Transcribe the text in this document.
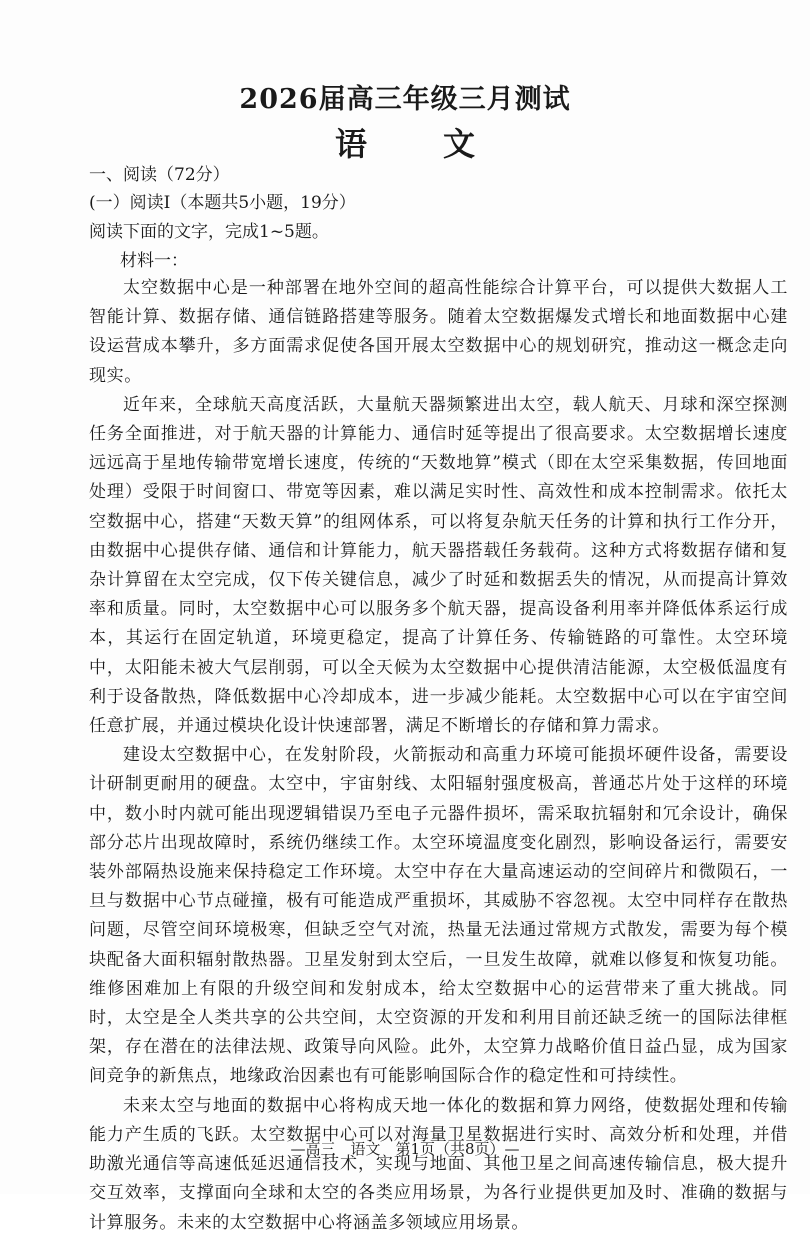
2026届高三年级三月测试
语　文
一、阅读（72分）
(一）阅读I（本题共5小题，19分）
阅读下面的文字，完成1~5题。
材料一：

太空数据中心是一种部署在地外空间的超高性能综合计算平台，可以提供大数据人工智能计算、数据存储、通信链路搭建等服务。随着太空数据爆发式增长和地面数据中心建设运营成本攀升，多方面需求促使各国开展太空数据中心的规划研究，推动这一概念走向现实。

近年来，全球航天高度活跃，大量航天器频繁进出太空，载人航天、月球和深空探测任务全面推进，对于航天器的计算能力、通信时延等提出了很高要求。太空数据增长速度远远高于星地传输带宽增长速度，传统的“天数地算”模式（即在太空采集数据，传回地面处理）受限于时间窗口、带宽等因素，难以满足实时性、高效性和成本控制需求。依托太空数据中心，搭建“天数天算”的组网体系，可以将复杂航天任务的计算和执行工作分开，由数据中心提供存储、通信和计算能力，航天器搭载任务载荷。这种方式将数据存储和复杂计算留在太空完成，仅下传关键信息，减少了时延和数据丢失的情况，从而提高计算效率和质量。同时，太空数据中心可以服务多个航天器，提高设备利用率并降低体系运行成本，其运行在固定轨道，环境更稳定，提高了计算任务、传输链路的可靠性。太空环境中，太阳能未被大气层削弱，可以全天候为太空数据中心提供清洁能源，太空极低温度有利于设备散热，降低数据中心冷却成本，进一步减少能耗。太空数据中心可以在宇宙空间任意扩展，并通过模块化设计快速部署，满足不断增长的存储和算力需求。

建设太空数据中心，在发射阶段，火箭振动和高重力环境可能损坏硬件设备，需要设计研制更耐用的硬盘。太空中，宇宙射线、太阳辐射强度极高，普通芯片处于这样的环境中，数小时内就可能出现逻辑错误乃至电子元器件损坏，需采取抗辐射和冗余设计，确保部分芯片出现故障时，系统仍继续工作。太空环境温度变化剧烈，影响设备运行，需要安装外部隔热设施来保持稳定工作环境。太空中存在大量高速运动的空间碎片和微陨石，一旦与数据中心节点碰撞，极有可能造成严重损坏，其威胁不容忽视。太空中同样存在散热问题，尽管空间环境极寒，但缺乏空气对流，热量无法通过常规方式散发，需要为每个模块配备大面积辐射散热器。卫星发射到太空后，一旦发生故障，就难以修复和恢复功能。维修困难加上有限的升级空间和发射成本，给太空数据中心的运营带来了重大挑战。同时，太空是全人类共享的公共空间，太空资源的开发和利用目前还缺乏统一的国际法律框架，存在潜在的法律法规、政策导向风险。此外，太空算力战略价值日益凸显，成为国家间竞争的新焦点，地缘政治因素也有可能影响国际合作的稳定性和可持续性。

未来太空与地面的数据中心将构成天地一体化的数据和算力网络，使数据处理和传输能力产生质的飞跃。太空数据中心可以对海量卫星数据进行实时、高效分析和处理，并借助激光通信等高速低延迟通信技术，实现与地面、其他卫星之间高速传输信息，极大提升交互效率，支撑面向全球和太空的各类应用场景，为各行业提供更加及时、准确的数据与计算服务。未来的太空数据中心将涵盖多领域应用场景。

—高三　语文　第1页（共8页）—
